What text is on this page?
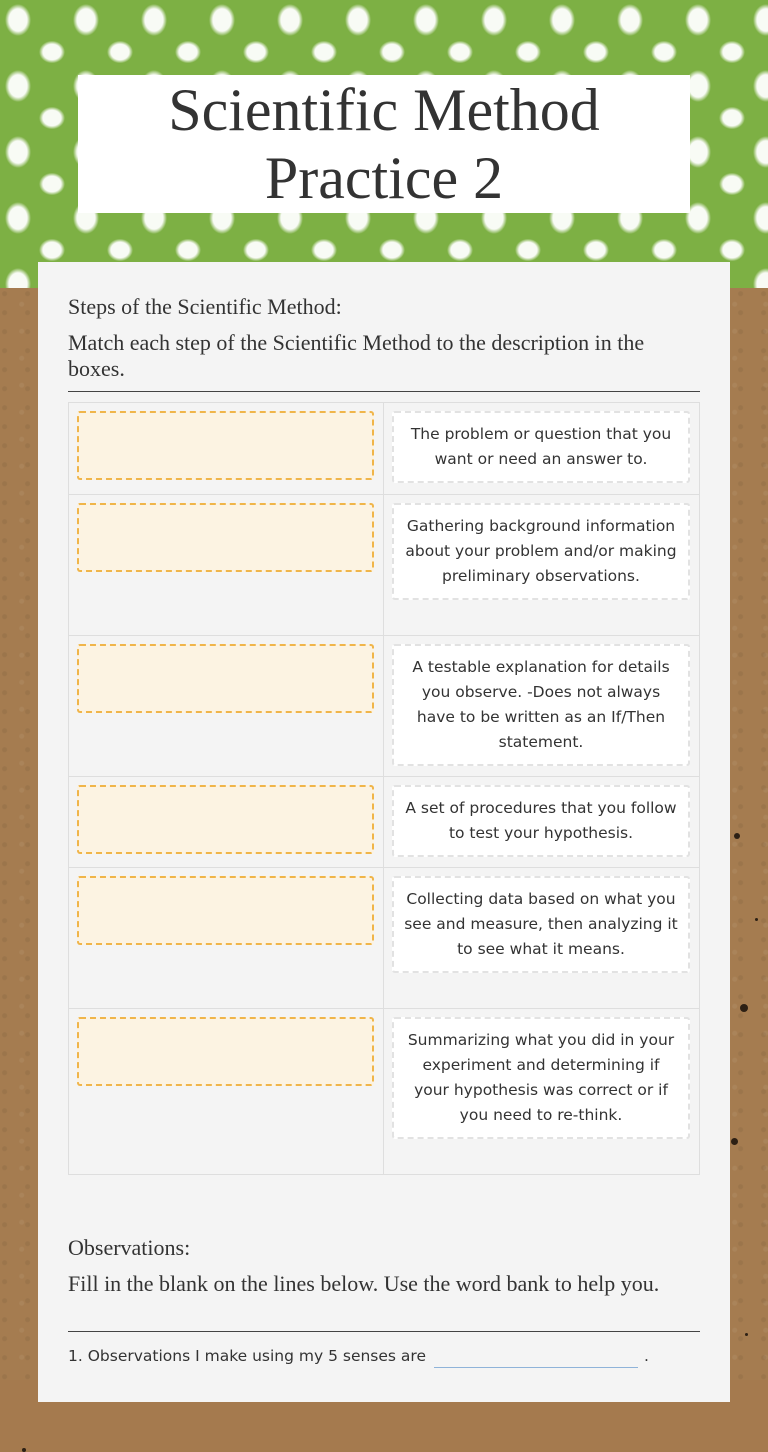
Scientific Method Practice 2
Steps of the Scientific Method:
Match each step of the Scientific Method to the description in the boxes.
The problem or question that you want or need an answer to.
Gathering background information about your problem and/or making preliminary observations.
A testable explanation for details you observe. -Does not always have to be written as an If/Then statement.
A set of procedures that you follow to test your hypothesis.
Collecting data based on what you see and measure, then analyzing it to see what it means.
Summarizing what you did in your experiment and determining if your hypothesis was correct or if you need to re-think.
Observations:
Fill in the blank on the lines below. Use the word bank to help you.
1. Observations I make using my 5 senses are	.
